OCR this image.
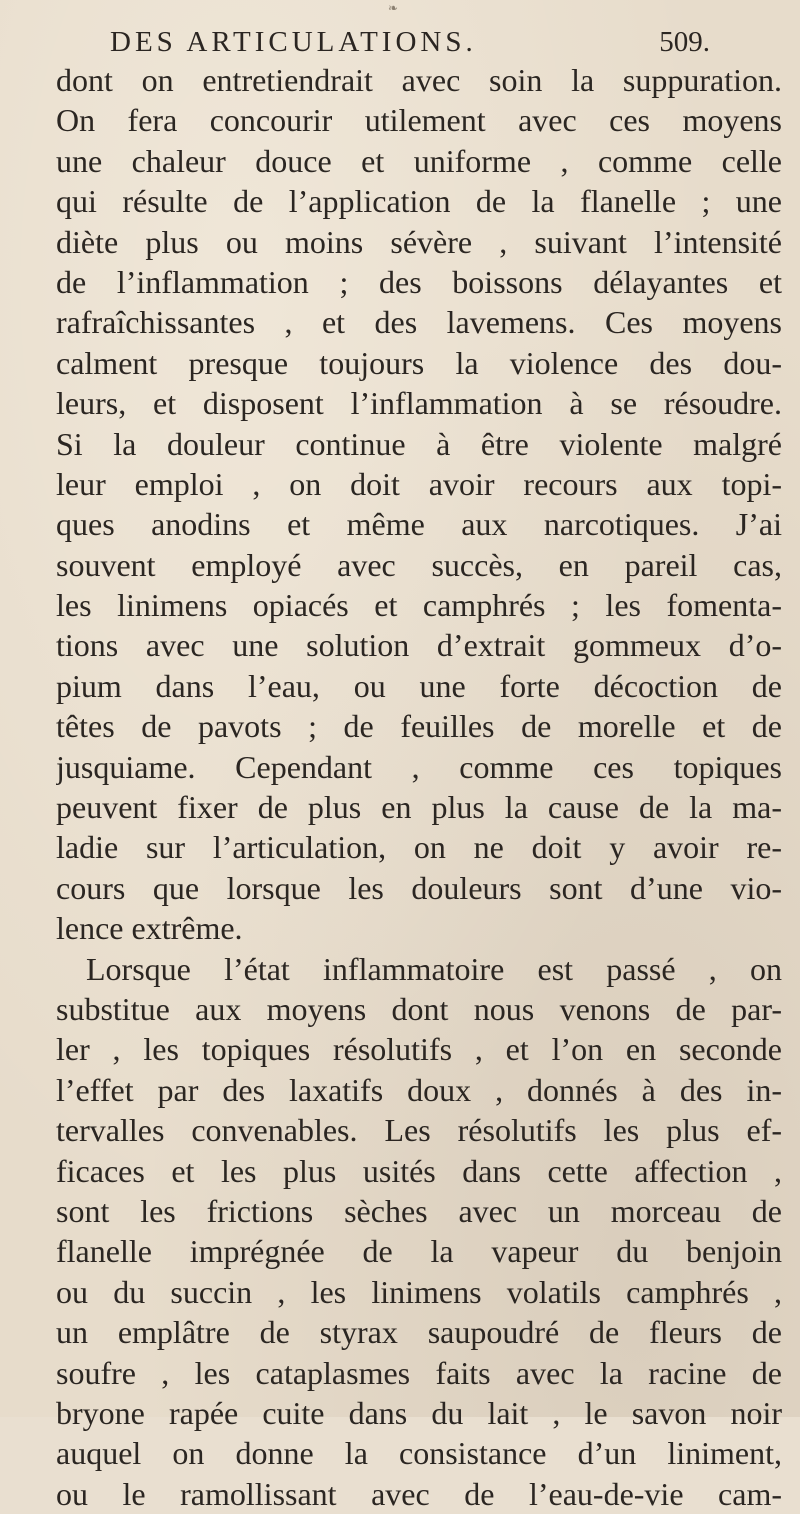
❧
DES ARTICULATIONS.	509.
dont on entretiendrait avec soin la suppuration.
On fera concourir utilement avec ces moyens
une chaleur douce et uniforme , comme celle
qui résulte de l’application de la flanelle ; une
diète plus ou moins sévère , suivant l’intensité
de l’inflammation ; des boissons délayantes et
rafraîchissantes , et des lavemens. Ces moyens
calment presque toujours la violence des dou-
leurs, et disposent l’inflammation à se résoudre.
Si la douleur continue à être violente malgré
leur emploi , on doit avoir recours aux topi-
ques anodins et même aux narcotiques. J’ai
souvent employé avec succès, en pareil cas,
les linimens opiacés et camphrés ; les fomenta-
tions avec une solution d’extrait gommeux d’o-
pium dans l’eau, ou une forte décoction de
têtes de pavots ; de feuilles de morelle et de
jusquiame. Cependant , comme ces topiques
peuvent fixer de plus en plus la cause de la ma-
ladie sur l’articulation, on ne doit y avoir re-
cours que lorsque les douleurs sont d’une vio-
lence extrême.
Lorsque l’état inflammatoire est passé , on
substitue aux moyens dont nous venons de par-
ler , les topiques résolutifs , et l’on en seconde
l’effet par des laxatifs doux , donnés à des in-
tervalles convenables. Les résolutifs les plus ef-
ficaces et les plus usités dans cette affection ,
sont les frictions sèches avec un morceau de
flanelle imprégnée de la vapeur du benjoin
ou du succin , les linimens volatils camphrés ,
un emplâtre de styrax saupoudré de fleurs de
soufre , les cataplasmes faits avec la racine de
bryone rapée cuite dans du lait , le savon noir
auquel on donne la consistance d’un liniment,
ou le ramollissant avec de l’eau-de-vie cam-
